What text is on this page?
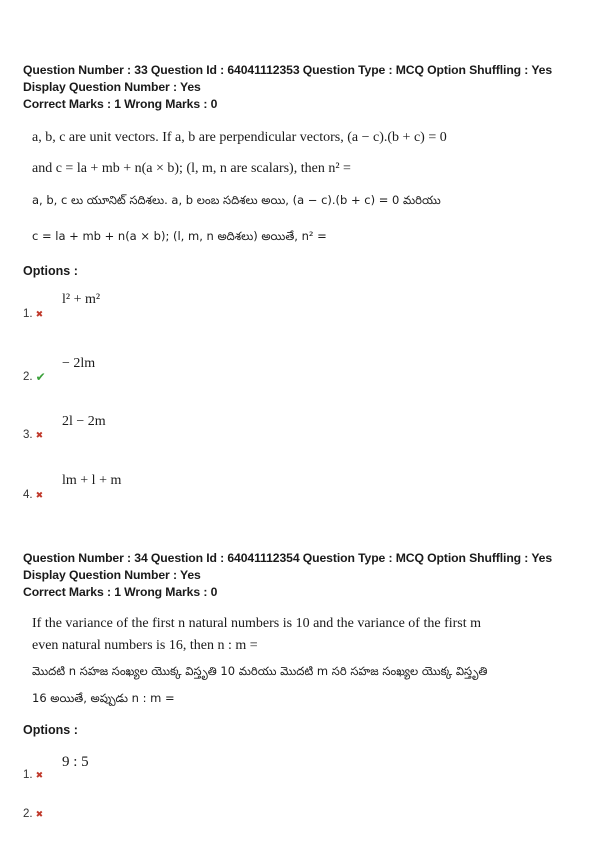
Question Number : 33 Question Id : 64041112353 Question Type : MCQ Option Shuffling : Yes
Display Question Number : Yes
Correct Marks : 1 Wrong Marks : 0
a, b, c are unit vectors. If a, b are perpendicular vectors, (a − c).(b + c) = 0
and c = la + mb + n(a × b); (l, m, n are scalars), then n² =
a, b, c లు యూనిట్ సదిశలు. a, b లంబ సదిశలు అయి, (a − c).(b + c) = 0 మరియు
c = la + mb + n(a × b); (l, m, n అదిశలు) అయితే, n² =
Options :
l² + m²
1. ✖
− 2lm
2. ✔
2l − 2m
3. ✖
lm + l + m
4. ✖
Question Number : 34 Question Id : 64041112354 Question Type : MCQ Option Shuffling : Yes
Display Question Number : Yes
Correct Marks : 1 Wrong Marks : 0
If the variance of the first n natural numbers is 10 and the variance of the first m
even natural numbers is 16, then n : m =
మొదటి n సహజ సంఖ్యల యొక్క విస్తృతి 10 మరియు మొదటి m సరి సహజ సంఖ్యల యొక్క విస్తృతి
16 అయితే, అప్పుడు n : m =
Options :
9 : 5
1. ✖
2. ✖
